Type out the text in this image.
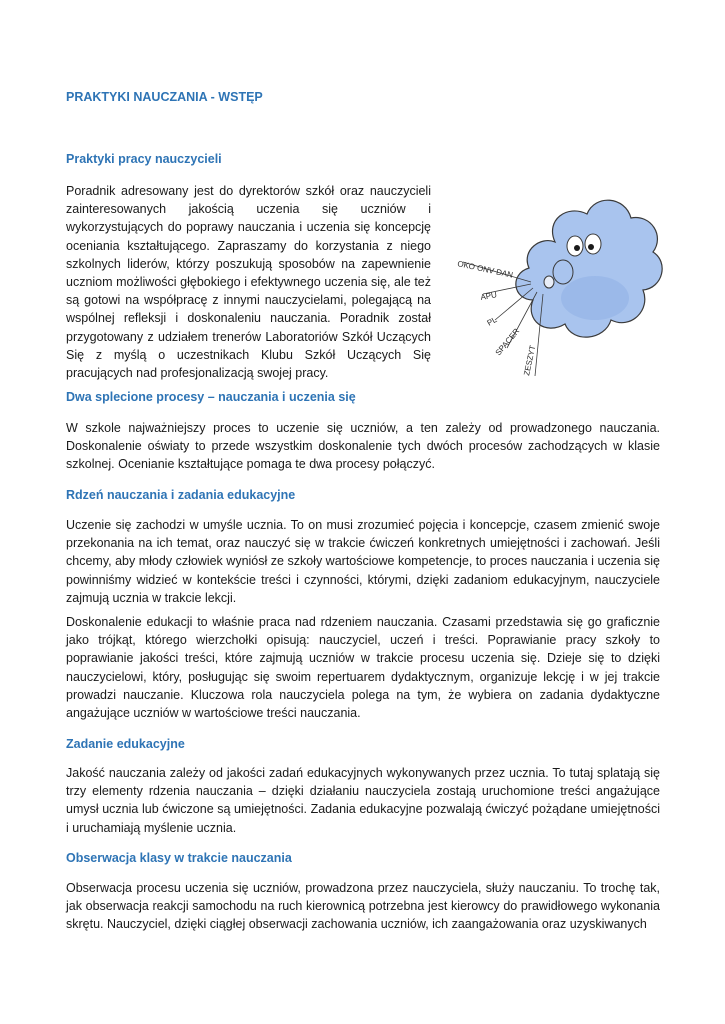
PRAKTYKI NAUCZANIA - WSTĘP
Praktyki pracy nauczycieli

Poradnik adresowany jest do dyrektorów szkół oraz nauczycieli zainteresowanych jakością uczenia się uczniów i wykorzystujących do poprawy nauczania i uczenia się koncepcję oceniania kształtującego. Zapraszamy do korzystania z niego szkolnych liderów, którzy poszukują sposobów na zapewnienie uczniom możliwości głębokiego i efektywnego uczenia się, ale też są gotowi na współpracę z innymi nauczycielami, polegającą na wspólnej refleksji i doskonaleniu nauczania. Poradnik został przygotowany z udziałem trenerów Laboratoriów Szkół Uczących Się z myślą o uczestnikach Klubu Szkół Uczących Się pracujących nad profesjonalizacją swojej pracy.

OKO ONV DAN
APU
PL
SPACER
ZESZYT
Dwa splecione procesy – nauczania i uczenia się

W szkole najważniejszy proces to uczenie się uczniów, a ten zależy od prowadzonego nauczania. Doskonalenie oświaty to przede wszystkim doskonalenie tych dwóch procesów zachodzących w klasie szkolnej. Ocenianie kształtujące pomaga te dwa procesy połączyć.

Rdzeń nauczania i zadania edukacyjne

Uczenie się zachodzi w umyśle ucznia. To on musi zrozumieć pojęcia i koncepcje, czasem zmienić swoje przekonania na ich temat, oraz nauczyć się w trakcie ćwiczeń konkretnych umiejętności i zachowań. Jeśli chcemy, aby młody człowiek wyniósł ze szkoły wartościowe kompetencje, to proces nauczania i uczenia się powinniśmy widzieć w kontekście treści i czynności, którymi, dzięki zadaniom edukacyjnym, nauczyciele zajmują ucznia w trakcie lekcji.

Doskonalenie edukacji to właśnie praca nad rdzeniem nauczania. Czasami przedstawia się go graficznie jako trójkąt, którego wierzchołki opisują: nauczyciel, uczeń i treści. Poprawianie pracy szkoły to poprawianie jakości treści, które zajmują uczniów w trakcie procesu uczenia się. Dzieje się to dzięki nauczycielowi, który, posługując się swoim repertuarem dydaktycznym, organizuje lekcję i w jej trakcie prowadzi nauczanie. Kluczowa rola nauczyciela polega na tym, że wybiera on zadania dydaktyczne angażujące uczniów w wartościowe treści nauczania.

Zadanie edukacyjne

Jakość nauczania zależy od jakości zadań edukacyjnych wykonywanych przez ucznia. To tutaj splatają się trzy elementy rdzenia nauczania – dzięki działaniu nauczyciela zostają uruchomione treści angażujące umysł ucznia lub ćwiczone są umiejętności. Zadania edukacyjne pozwalają ćwiczyć pożądane umiejętności i uruchamiają myślenie ucznia.

Obserwacja klasy w trakcie nauczania

Obserwacja procesu uczenia się uczniów, prowadzona przez nauczyciela, służy nauczaniu. To trochę tak, jak obserwacja reakcji samochodu na ruch kierownicą potrzebna jest kierowcy do prawidłowego wykonania skrętu. Nauczyciel, dzięki ciągłej obserwacji zachowania uczniów, ich zaangażowania oraz uzyskiwanych
